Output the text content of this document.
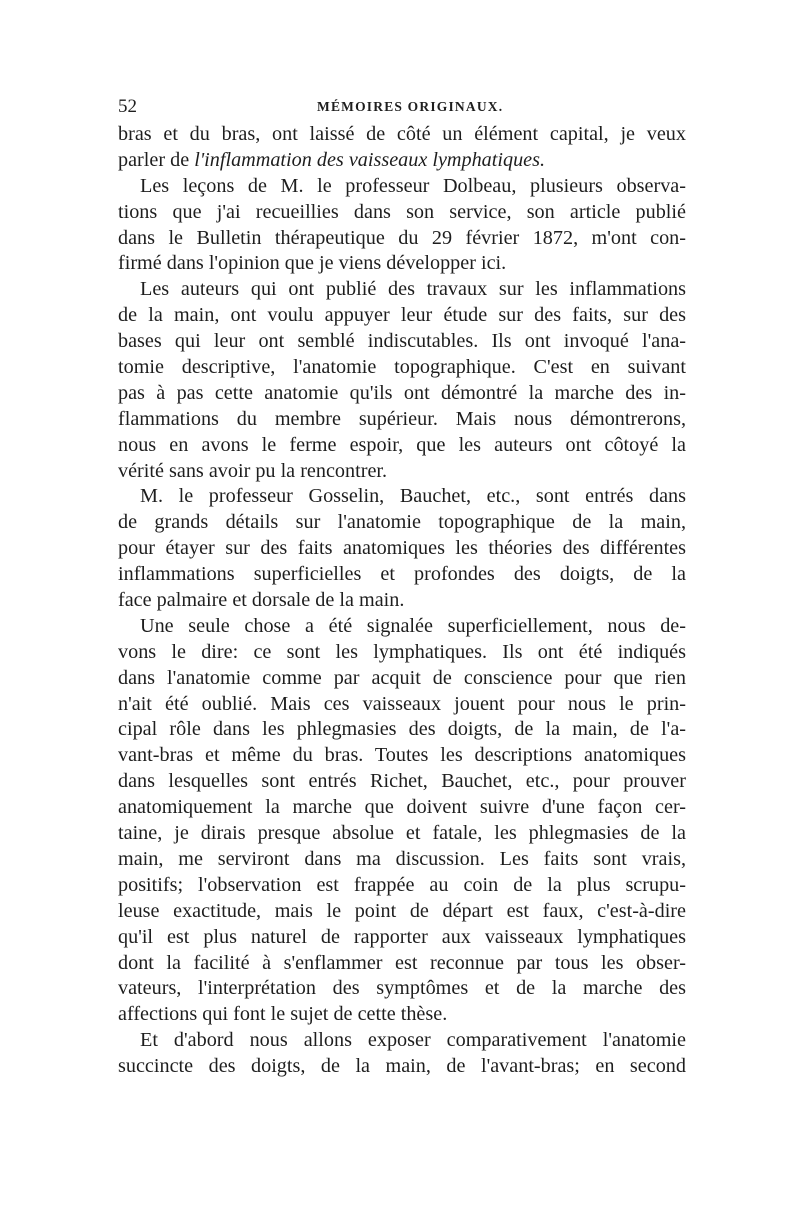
52	MÉMOIRES ORIGINAUX.
bras et du bras, ont laissé de côté un élément capital, je veux
parler de l'inflammation des vaisseaux lymphatiques.
Les leçons de M. le professeur Dolbeau, plusieurs observa-
tions que j'ai recueillies dans son service, son article publié
dans le Bulletin thérapeutique du 29 février 1872, m'ont con-
firmé dans l'opinion que je viens développer ici.
Les auteurs qui ont publié des travaux sur les inflammations
de la main, ont voulu appuyer leur étude sur des faits, sur des
bases qui leur ont semblé indiscutables. Ils ont invoqué l'ana-
tomie descriptive, l'anatomie topographique. C'est en suivant
pas à pas cette anatomie qu'ils ont démontré la marche des in-
flammations du membre supérieur. Mais nous démontrerons,
nous en avons le ferme espoir, que les auteurs ont côtoyé la
vérité sans avoir pu la rencontrer.
M. le professeur Gosselin, Bauchet, etc., sont entrés dans
de grands détails sur l'anatomie topographique de la main,
pour étayer sur des faits anatomiques les théories des différentes
inflammations superficielles et profondes des doigts, de la
face palmaire et dorsale de la main.
Une seule chose a été signalée superficiellement, nous de-
vons le dire: ce sont les lymphatiques. Ils ont été indiqués
dans l'anatomie comme par acquit de conscience pour que rien
n'ait été oublié. Mais ces vaisseaux jouent pour nous le prin-
cipal rôle dans les phlegmasies des doigts, de la main, de l'a-
vant-bras et même du bras. Toutes les descriptions anatomiques
dans lesquelles sont entrés Richet, Bauchet, etc., pour prouver
anatomiquement la marche que doivent suivre d'une façon cer-
taine, je dirais presque absolue et fatale, les phlegmasies de la
main, me serviront dans ma discussion. Les faits sont vrais,
positifs; l'observation est frappée au coin de la plus scrupu-
leuse exactitude, mais le point de départ est faux, c'est-à-dire
qu'il est plus naturel de rapporter aux vaisseaux lymphatiques
dont la facilité à s'enflammer est reconnue par tous les obser-
vateurs, l'interprétation des symptômes et de la marche des
affections qui font le sujet de cette thèse.
Et d'abord nous allons exposer comparativement l'anatomie
succincte des doigts, de la main, de l'avant-bras; en second
